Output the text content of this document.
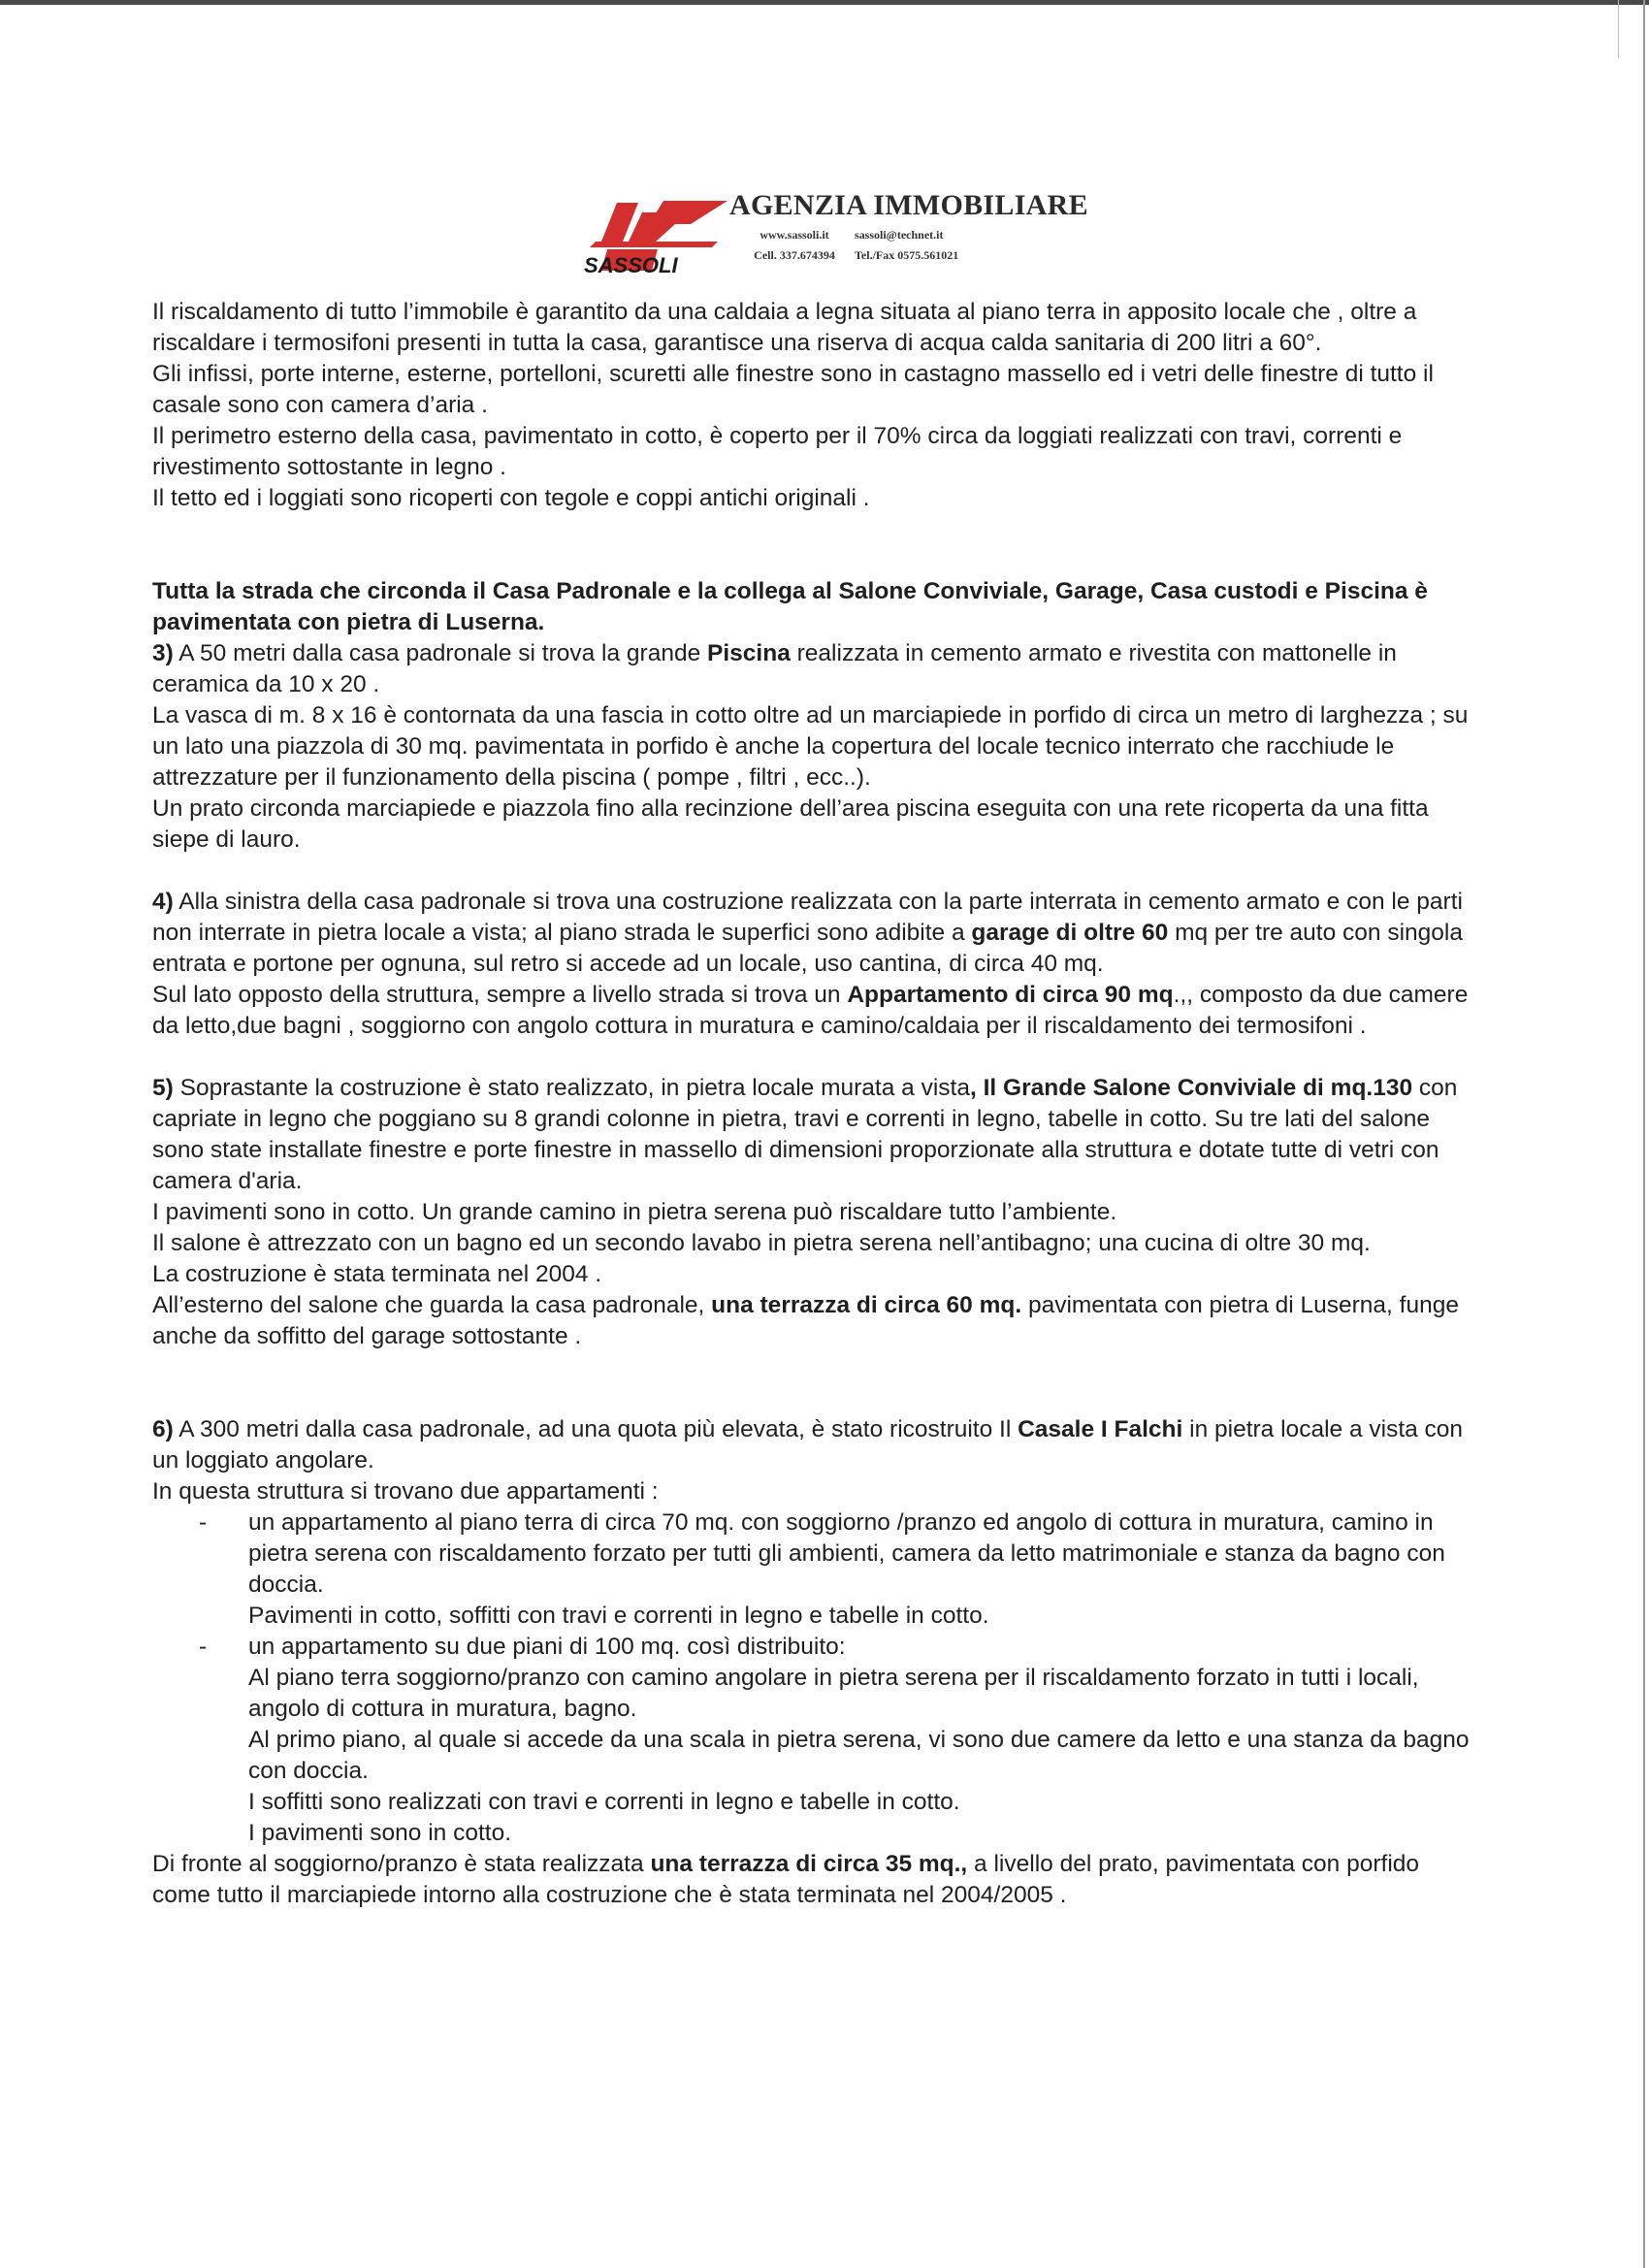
SASSOLI
AGENZIA IMMOBILIARE
www.sassoli.it sassoli@technet.it
Cell. 337.674394 Tel./Fax 0575.561021

Il riscaldamento di tutto l’immobile è garantito da una caldaia a legna situata al piano terra in apposito locale che , oltre a riscaldare i termosifoni presenti in tutta la casa, garantisce una riserva di acqua calda sanitaria di 200 litri a 60°.

Gli infissi, porte interne, esterne, portelloni, scuretti alle finestre sono in castagno massello ed i vetri delle finestre di tutto il casale sono con camera d’aria .

Il perimetro esterno della casa, pavimentato in cotto, è coperto per il 70% circa da loggiati realizzati con travi, correnti e rivestimento sottostante in legno .

Il tetto ed i loggiati sono ricoperti con tegole e coppi antichi originali .

Tutta la strada che circonda il Casa Padronale e la collega al Salone Conviviale, Garage, Casa custodi e Piscina è pavimentata con pietra di Luserna.

3) A 50 metri dalla casa padronale si trova la grande Piscina realizzata in cemento armato e rivestita con mattonelle in ceramica da 10 x 20 .

La vasca di m. 8 x 16 è contornata da una fascia in cotto oltre ad un marciapiede in porfido di circa un metro di larghezza ; su un lato una piazzola di 30 mq. pavimentata in porfido è anche la copertura del locale tecnico interrato che racchiude le attrezzature per il funzionamento della piscina ( pompe , filtri , ecc..).

Un prato circonda marciapiede e piazzola fino alla recinzione dell’area piscina eseguita con una rete ricoperta da una fitta siepe di lauro.

4) Alla sinistra della casa padronale si trova una costruzione realizzata con la parte interrata in cemento armato e con le parti non interrate in pietra locale a vista; al piano strada le superfici sono adibite a garage di oltre 60 mq per tre auto con singola entrata e portone per ognuna, sul retro si accede ad un locale, uso cantina, di circa 40 mq.

Sul lato opposto della struttura, sempre a livello strada si trova un Appartamento di circa 90 mq.,, composto da due camere da letto,due bagni , soggiorno con angolo cottura in muratura e camino/caldaia per il riscaldamento dei termosifoni .

5) Soprastante la costruzione è stato realizzato, in pietra locale murata a vista, Il Grande Salone Conviviale di mq.130 con capriate in legno che poggiano su 8 grandi colonne in pietra, travi e correnti in legno, tabelle in cotto. Su tre lati del salone sono state installate finestre e porte finestre in massello di dimensioni proporzionate alla struttura e dotate tutte di vetri con camera d'aria.

I pavimenti sono in cotto. Un grande camino in pietra serena può riscaldare tutto l’ambiente.

Il salone è attrezzato con un bagno ed un secondo lavabo in pietra serena nell’antibagno; una cucina di oltre 30 mq.

La costruzione è stata terminata nel 2004 .

All’esterno del salone che guarda la casa padronale, una terrazza di circa 60 mq. pavimentata con pietra di Luserna, funge anche da soffitto del garage sottostante .

6) A 300 metri dalla casa padronale, ad una quota più elevata, è stato ricostruito Il Casale I Falchi in pietra locale a vista con un loggiato angolare.

In questa struttura si trovano due appartamenti :

- un appartamento al piano terra di circa 70 mq. con soggiorno /pranzo ed angolo di cottura in muratura, camino in pietra serena con riscaldamento forzato per tutti gli ambienti, camera da letto matrimoniale e stanza da bagno con doccia.
Pavimenti in cotto, soffitti con travi e correnti in legno e tabelle in cotto.
- un appartamento su due piani di 100 mq. così distribuito:
Al piano terra soggiorno/pranzo con camino angolare in pietra serena per il riscaldamento forzato in tutti i locali, angolo di cottura in muratura, bagno.
Al primo piano, al quale si accede da una scala in pietra serena, vi sono due camere da letto e una stanza da bagno con doccia.
I soffitti sono realizzati con travi e correnti in legno e tabelle in cotto.
I pavimenti sono in cotto.

Di fronte al soggiorno/pranzo è stata realizzata una terrazza di circa 35 mq., a livello del prato, pavimentata con porfido come tutto il marciapiede intorno alla costruzione che è stata terminata nel 2004/2005 .
